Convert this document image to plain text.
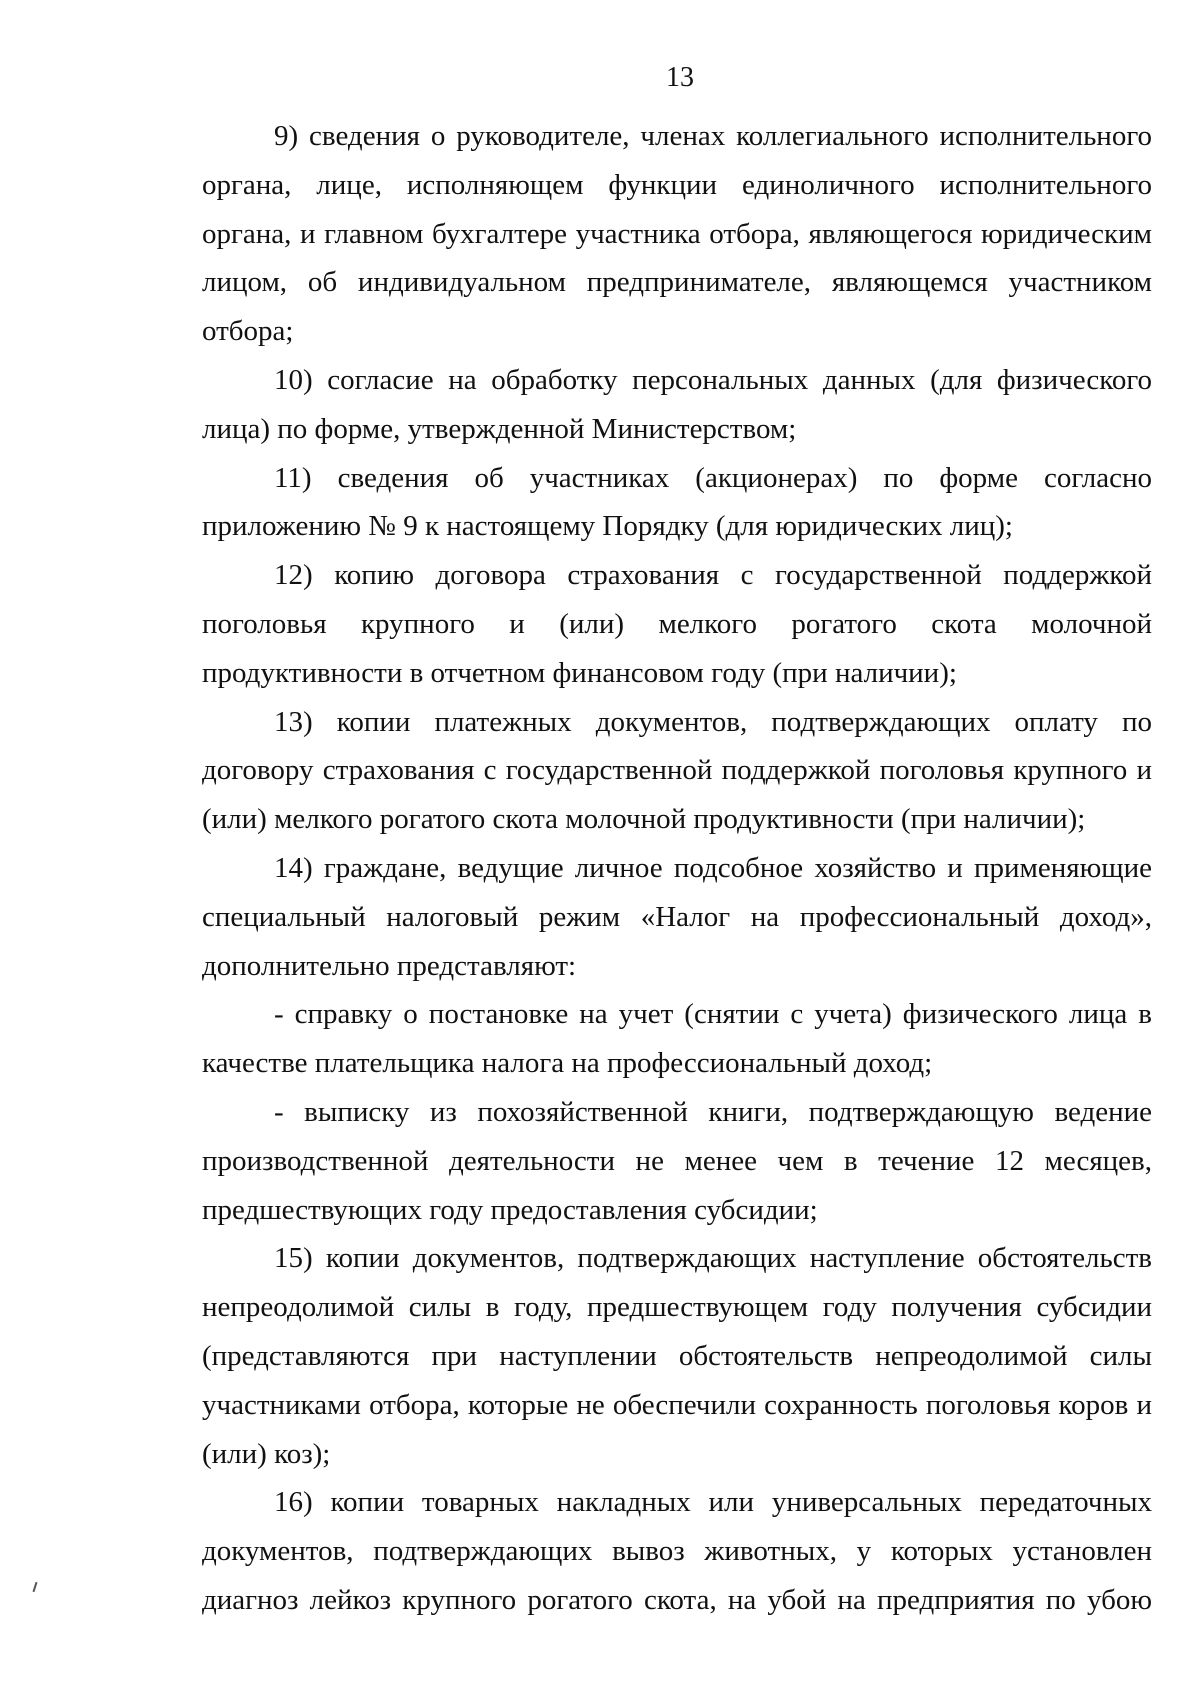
13

9) сведения о руководителе, членах коллегиального исполнительного органа, лице, исполняющем функции единоличного исполнительного органа, и главном бухгалтере участника отбора, являющегося юридическим лицом, об индивидуальном предпринимателе, являющемся участником отбора;

10) согласие на обработку персональных данных (для физического лица) по форме, утвержденной Министерством;

11) сведения об участниках (акционерах) по форме согласно приложению № 9 к настоящему Порядку (для юридических лиц);

12) копию договора страхования с государственной поддержкой поголовья крупного и (или) мелкого рогатого скота молочной продуктивности в отчетном финансовом году (при наличии);

13) копии платежных документов, подтверждающих оплату по договору страхования с государственной поддержкой поголовья крупного и (или) мелкого рогатого скота молочной продуктивности (при наличии);

14) граждане, ведущие личное подсобное хозяйство и применяющие специальный налоговый режим «Налог на профессиональный доход», дополнительно представляют:

- справку о постановке на учет (снятии с учета) физического лица в качестве плательщика налога на профессиональный доход;

- выписку из похозяйственной книги, подтверждающую ведение производственной деятельности не менее чем в течение 12 месяцев, предшествующих году предоставления субсидии;

15) копии документов, подтверждающих наступление обстоятельств непреодолимой силы в году, предшествующем году получения субсидии (представляются при наступлении обстоятельств непреодолимой силы участниками отбора, которые не обеспечили сохранность поголовья коров и (или) коз);

16) копии товарных накладных или универсальных передаточных документов, подтверждающих вывоз животных, у которых установлен диагноз лейкоз крупного рогатого скота, на убой на предприятия по убою
